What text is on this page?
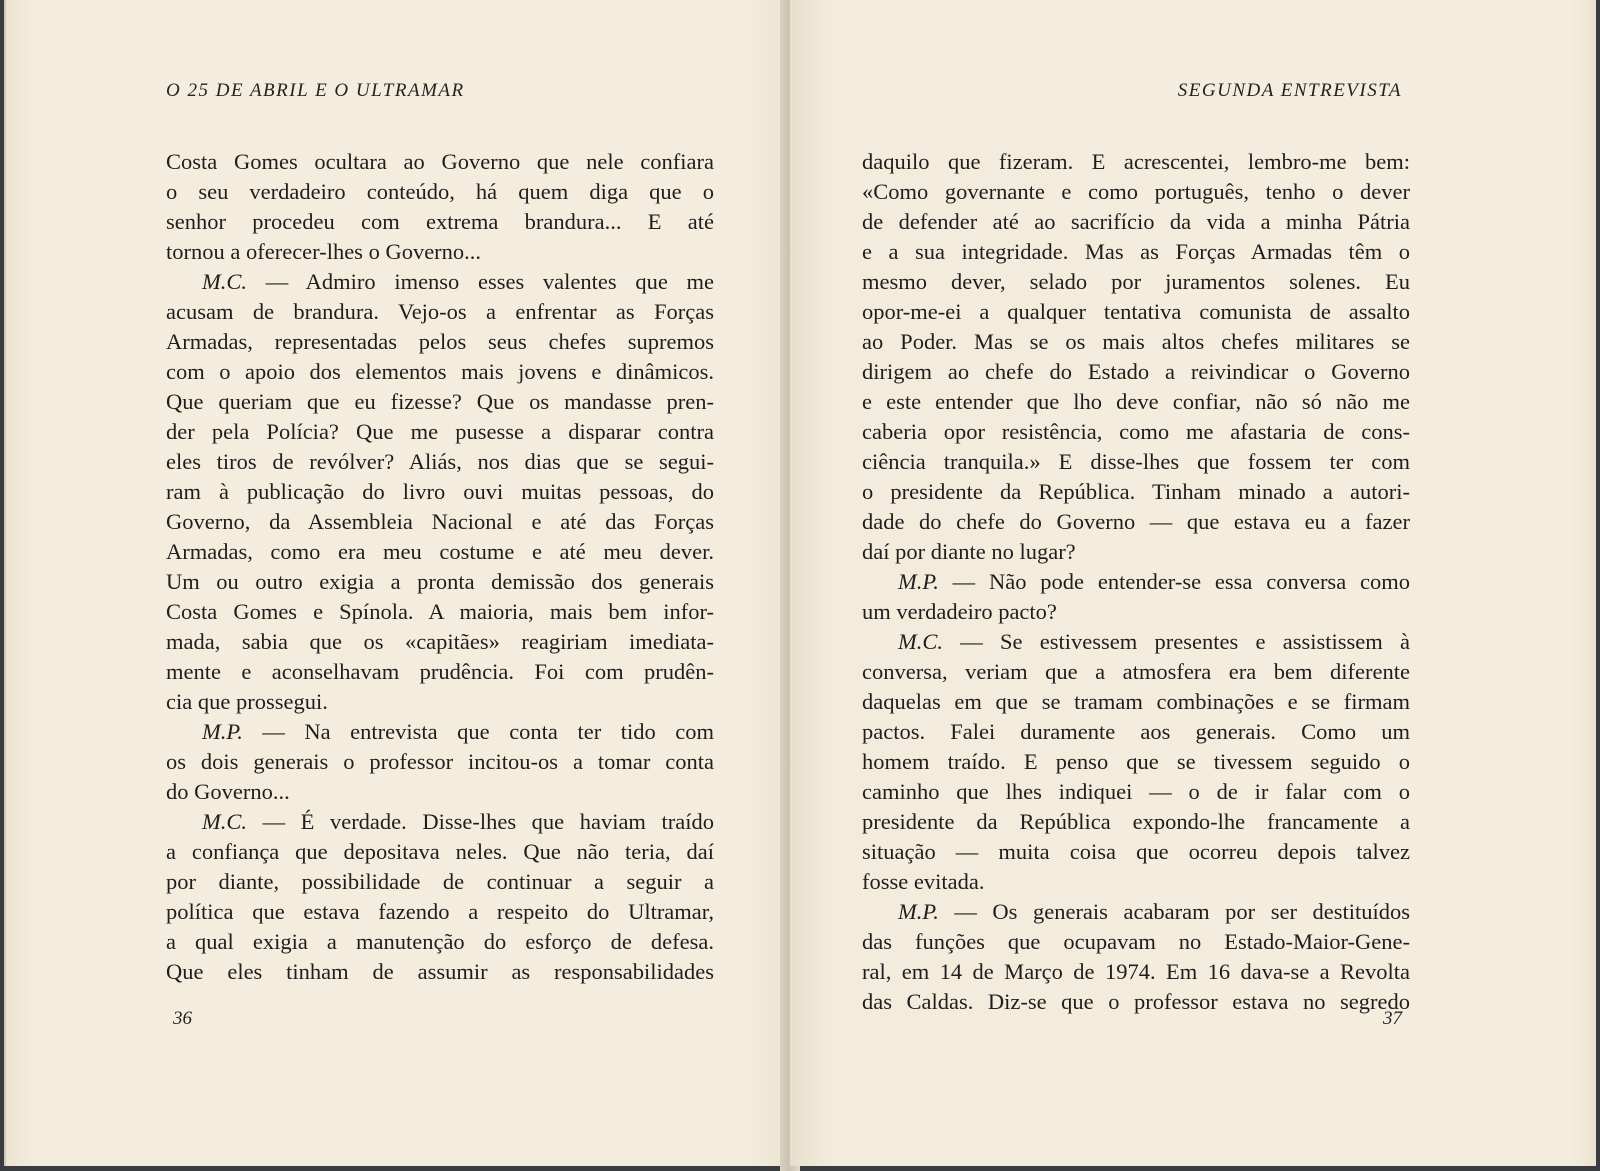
O 25 DE ABRIL E O ULTRAMAR
Costa Gomes ocultara ao Governo que nele confiara
o seu verdadeiro conteúdo, há quem diga que o
senhor procedeu com extrema brandura... E até
tornou a oferecer-lhes o Governo...
M.C. — Admiro imenso esses valentes que me
acusam de brandura. Vejo-os a enfrentar as Forças
Armadas, representadas pelos seus chefes supremos
com o apoio dos elementos mais jovens e dinâmicos.
Que queriam que eu fizesse? Que os mandasse pren-
der pela Polícia? Que me pusesse a disparar contra
eles tiros de revólver? Aliás, nos dias que se segui-
ram à publicação do livro ouvi muitas pessoas, do
Governo, da Assembleia Nacional e até das Forças
Armadas, como era meu costume e até meu dever.
Um ou outro exigia a pronta demissão dos generais
Costa Gomes e Spínola. A maioria, mais bem infor-
mada, sabia que os «capitães» reagiriam imediata-
mente e aconselhavam prudência. Foi com prudên-
cia que prossegui.
M.P. — Na entrevista que conta ter tido com
os dois generais o professor incitou-os a tomar conta
do Governo...
M.C. — É verdade. Disse-lhes que haviam traído
a confiança que depositava neles. Que não teria, daí
por diante, possibilidade de continuar a seguir a
política que estava fazendo a respeito do Ultramar,
a qual exigia a manutenção do esforço de defesa.
Que eles tinham de assumir as responsabilidades
36
SEGUNDA ENTREVISTA
daquilo que fizeram. E acrescentei, lembro-me bem:
«Como governante e como português, tenho o dever
de defender até ao sacrifício da vida a minha Pátria
e a sua integridade. Mas as Forças Armadas têm o
mesmo dever, selado por juramentos solenes. Eu
opor-me-ei a qualquer tentativa comunista de assalto
ao Poder. Mas se os mais altos chefes militares se
dirigem ao chefe do Estado a reivindicar o Governo
e este entender que lho deve confiar, não só não me
caberia opor resistência, como me afastaria de cons-
ciência tranquila.» E disse-lhes que fossem ter com
o presidente da República. Tinham minado a autori-
dade do chefe do Governo — que estava eu a fazer
daí por diante no lugar?
M.P. — Não pode entender-se essa conversa como
um verdadeiro pacto?
M.C. — Se estivessem presentes e assistissem à
conversa, veriam que a atmosfera era bem diferente
daquelas em que se tramam combinações e se firmam
pactos. Falei duramente aos generais. Como um
homem traído. E penso que se tivessem seguido o
caminho que lhes indiquei — o de ir falar com o
presidente da República expondo-lhe francamente a
situação — muita coisa que ocorreu depois talvez
fosse evitada.
M.P. — Os generais acabaram por ser destituídos
das funções que ocupavam no Estado-Maior-Gene-
ral, em 14 de Março de 1974. Em 16 dava-se a Revolta
das Caldas. Diz-se que o professor estava no segredo
37
